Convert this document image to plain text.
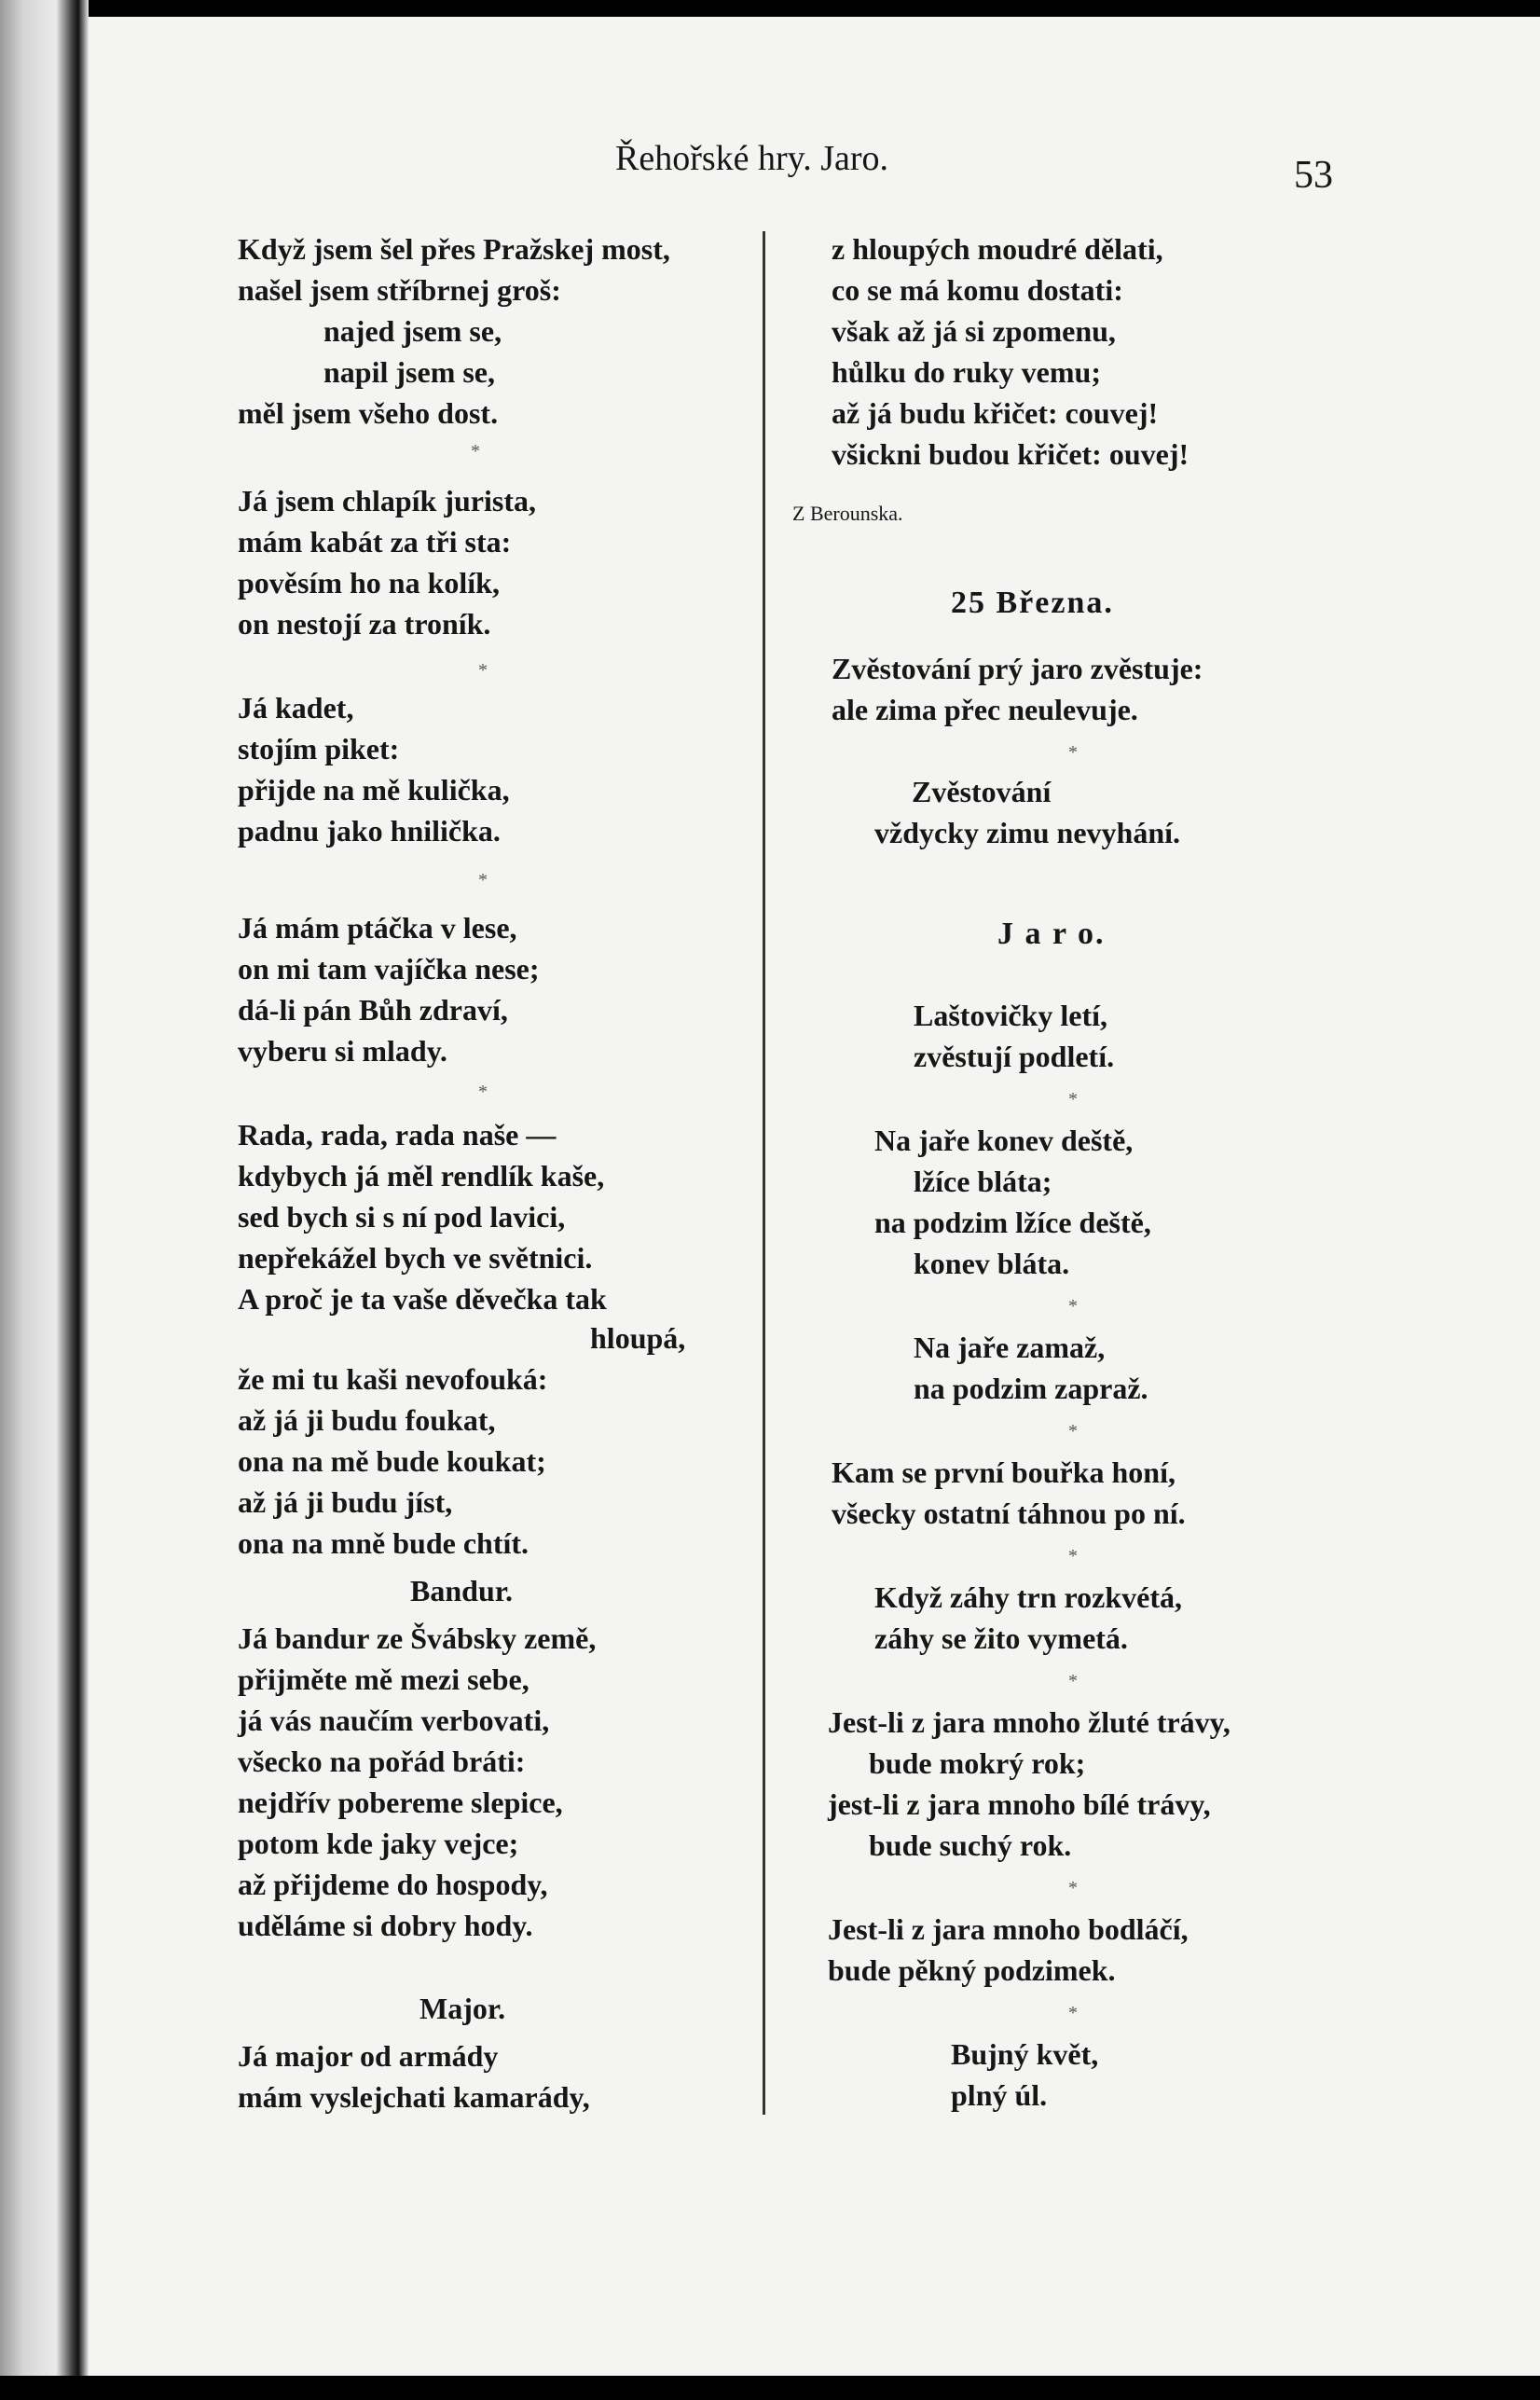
Řehořské hry. Jaro.	53
Když jsem šel přes Pražskej most,
našel jsem stříbrnej groš:
najed jsem se,
napil jsem se,
měl jsem všeho dost.
*
Já jsem chlapík jurista,
mám kabát za tři sta:
pověsím ho na kolík,
on nestojí za troník.
*
Já kadet,
stojím piket:
přijde na mě kulička,
padnu jako hnilička.
*
Já mám ptáčka v lese,
on mi tam vajíčka nese;
dá-li pán Bůh zdraví,
vyberu si mlady.
*
Rada, rada, rada naše —
kdybych já měl rendlík kaše,
sed bych si s ní pod lavici,
nepřekážel bych ve světnici.
A proč je ta vaše děvečka tak
hloupá,
že mi tu kaši nevofouká:
až já ji budu foukat,
ona na mě bude koukat;
až já ji budu jíst,
ona na mně bude chtít.
Bandur.
Já bandur ze Švábsky země,
přijměte mě mezi sebe,
já vás naučím verbovati,
všecko na pořád bráti:
nejdřív pobereme slepice,
potom kde jaky vejce;
až přijdeme do hospody,
uděláme si dobry hody.
Major.
Já major od armády
mám vyslejchati kamarády,
z hloupých moudré dělati,
co se má komu dostati:
však až já si zpomenu,
hůlku do ruky vemu;
až já budu křičet: couvej!
všickni budou křičet: ouvej!
Z Berounska.
25 Března.
Zvěstování prý jaro zvěstuje:
ale zima přec neulevuje.
*
Zvěstování
vždycky zimu nevyhání.
J a r o.
Laštovičky letí,
zvěstují podletí.
*
Na jaře konev deště,
lžíce bláta;
na podzim lžíce deště,
konev bláta.
*
Na jaře zamaž,
na podzim zapraž.
*
Kam se první bouřka honí,
všecky ostatní táhnou po ní.
*
Když záhy trn rozkvétá,
záhy se žito vymetá.
*
Jest-li z jara mnoho žluté trávy,
bude mokrý rok;
jest-li z jara mnoho bílé trávy,
bude suchý rok.
*
Jest-li z jara mnoho bodláčí,
bude pěkný podzimek.
*
Bujný květ,
plný úl.
